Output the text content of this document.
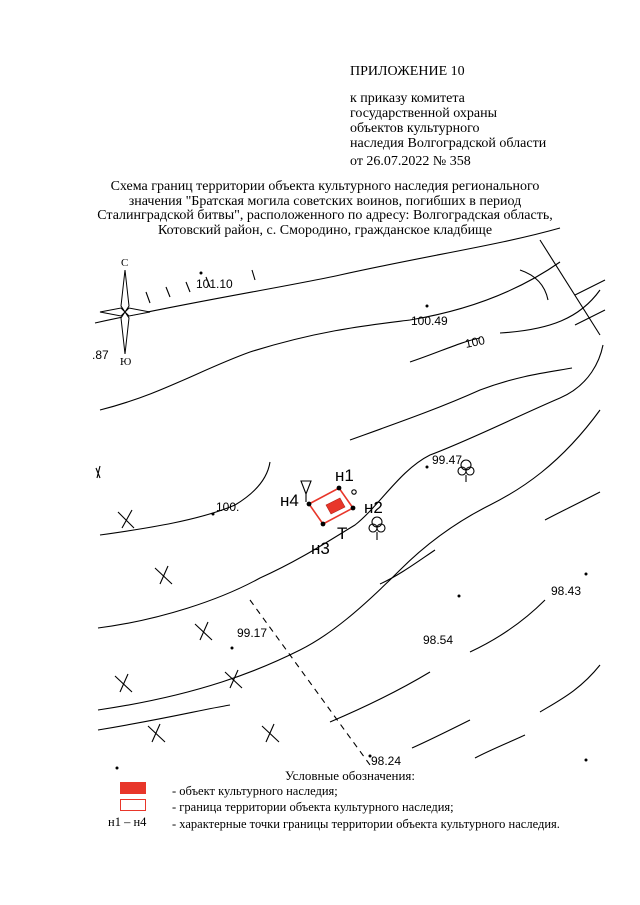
С
Ю
101.10
100.49
100
99.47
100.
98.43
99.17	98.54
98.24
.87
н1
н2
н3
н4
Т
ПРИЛОЖЕНИЕ 10
к приказу комитета
государственной охраны
объектов культурного
наследия Волгоградской области
от 26.07.2022 № 358
Схема границ территории объекта культурного наследия регионального
значения "Братская могила советских воинов, погибших в период
Сталинградской битвы", расположенного по адресу: Волгоградская область,
Котовский район, с. Смородино, гражданское кладбище
Условные обозначения:
н1 – н4
- объект культурного наследия;
- граница территории объекта культурного наследия;
- характерные точки границы территории объекта культурного наследия.
